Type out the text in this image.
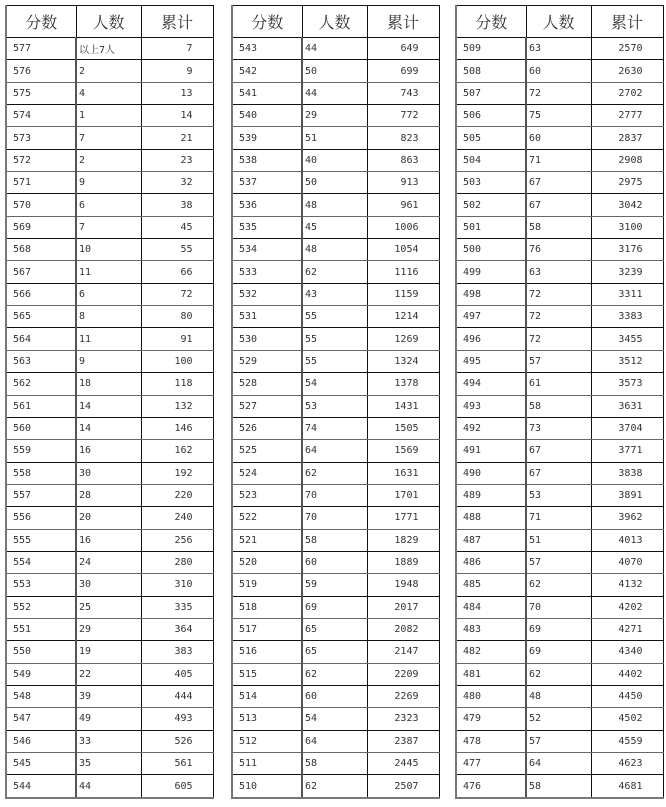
分数	人数	累计
577	以上7人	7
576	2	9
575	4	13
574	1	14
573	7	21
572	2	23
571	9	32
570	6	38
569	7	45
568	10	55
567	11	66
566	6	72
565	8	80
564	11	91
563	9	100
562	18	118
561	14	132
560	14	146
559	16	162
558	30	192
557	28	220
556	20	240
555	16	256
554	24	280
553	30	310
552	25	335
551	29	364
550	19	383
549	22	405
548	39	444
547	49	493
546	33	526
545	35	561
544	44	605
分数	人数	累计
543	44	649
542	50	699
541	44	743
540	29	772
539	51	823
538	40	863
537	50	913
536	48	961
535	45	1006
534	48	1054
533	62	1116
532	43	1159
531	55	1214
530	55	1269
529	55	1324
528	54	1378
527	53	1431
526	74	1505
525	64	1569
524	62	1631
523	70	1701
522	70	1771
521	58	1829
520	60	1889
519	59	1948
518	69	2017
517	65	2082
516	65	2147
515	62	2209
514	60	2269
513	54	2323
512	64	2387
511	58	2445
510	62	2507
分数	人数	累计
509	63	2570
508	60	2630
507	72	2702
506	75	2777
505	60	2837
504	71	2908
503	67	2975
502	67	3042
501	58	3100
500	76	3176
499	63	3239
498	72	3311
497	72	3383
496	72	3455
495	57	3512
494	61	3573
493	58	3631
492	73	3704
491	67	3771
490	67	3838
489	53	3891
488	71	3962
487	51	4013
486	57	4070
485	62	4132
484	70	4202
483	69	4271
482	69	4340
481	62	4402
480	48	4450
479	52	4502
478	57	4559
477	64	4623
476	58	4681
